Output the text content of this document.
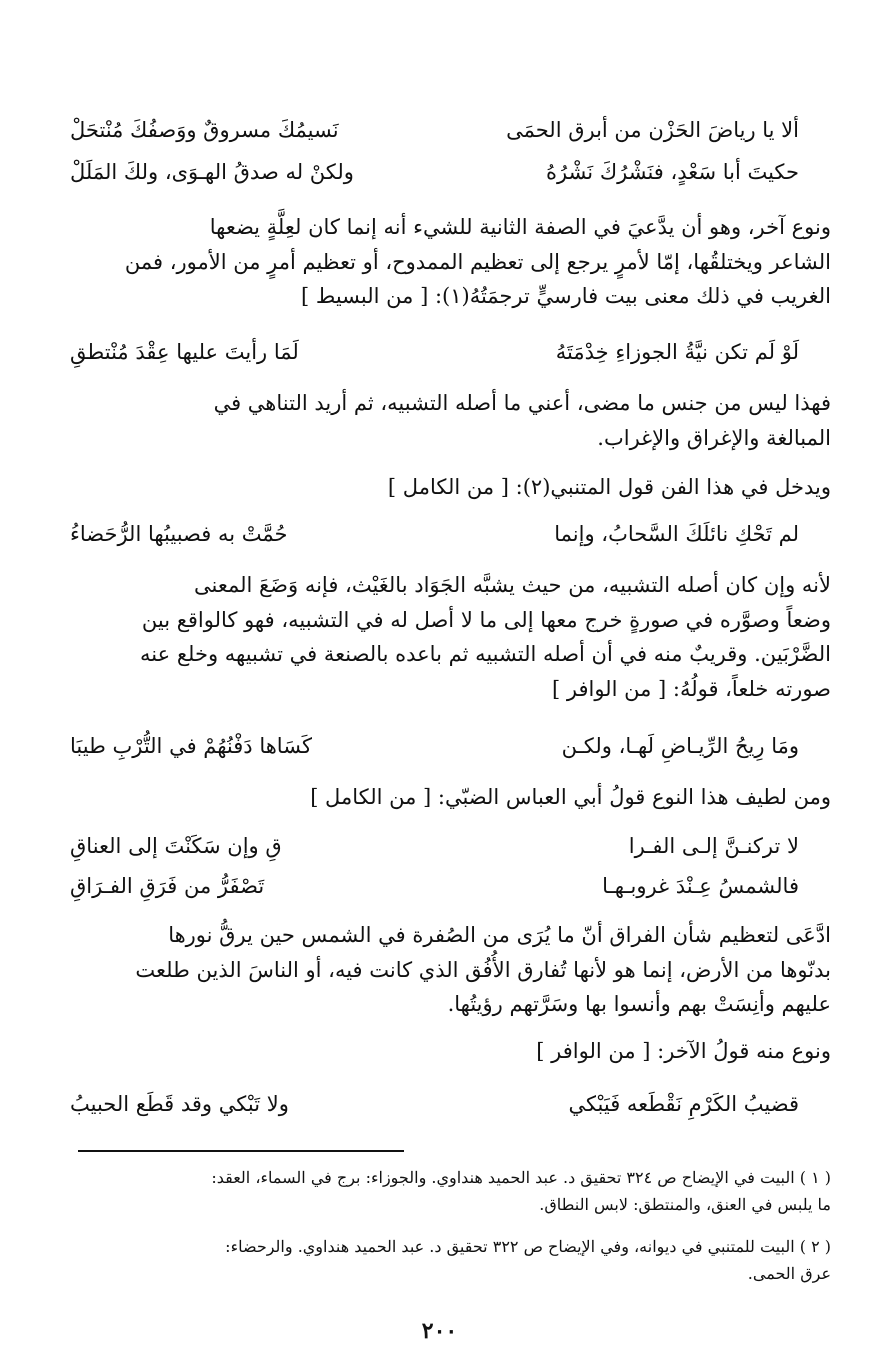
ألا يا رياضَ الحَزْن من أبرق الحمَى
نَسيمُكَ مسروقٌ ووَصفُكَ مُنْتحَلْ
حكيتَ أبا سَعْدٍ، فنَشْرُكَ نَشْرُهُ
ولكنْ له صدقُ الهـوَى، ولكَ المَلَلْ
ونوع آخر، وهو أن يدَّعيَ في الصفة الثانية للشيء أنه إنما كان لعِلَّةٍ يضعها
الشاعر ويختلقُها، إمّا لأمرٍ يرجع إلى تعظيم الممدوح، أو تعظيم أمرٍ من الأمور، فمن
الغريب في ذلك معنى بيت فارسيٍّ ترجمَتُهُ(١): [ من البسيط ]
لَوْ لَم تكن نيَّةُ الجوزاءِ خِدْمَتَهُ
لَمَا رأيتَ عليها عِقْدَ مُنْتطقِ
فهذا ليس من جنس ما مضى، أعني ما أصله التشبيه، ثم أريد التناهي في
المبالغة والإغراق والإغراب.
ويدخل في هذا الفن قول المتنبي(٢): [ من الكامل ]
لم تَحْكِ نائلَكَ السَّحابُ، وإنما
حُمَّتْ به فصبيبُها الرُّحَضاءُ
لأنه وإن كان أصله التشبيه، من حيث يشبَّه الجَوَاد بالغَيْث، فإنه وَضَعَ المعنى
وضعاً وصوَّره في صورةٍ خرج معها إلى ما لا أصل له في التشبيه، فهو كالواقع بين
الضَّرْبَين. وقريبٌ منه في أن أصله التشبيه ثم باعده بالصنعة في تشبيهه وخلع عنه
صورته خلعاً، قولُهُ: [ من الوافر ]
ومَا رِيحُ الرِّيـاضِ لَهـا، ولكـن
كَسَاها دَفْنُهُمْ في التُّرْبِ طيبَا
ومن لطيف هذا النوع قولُ أبي العباس الضبّي: [ من الكامل ]
لا تركنـنَّ إلـى الفـرا
قِ وإن سَكَنْتَ إلى العناقِ
فالشمسُ عِـنْدَ غروبـهـا
تَصْفَرُّ من فَرَقِ الفـرَاقِ
ادَّعَى لتعظيم شأن الفراق أنّ ما يُرَى من الصُفرة في الشمس حين يرقُّ نورها
بدنّوها من الأرض، إنما هو لأنها تُفارق الأُفُق الذي كانت فيه، أو الناسَ الذين طلعت
عليهم وأنِسَتْ بهم وأنسوا بها وسَرَّتهم رؤيتُها.
ونوع منه قولُ الآخر: [ من الوافر ]
قضيبُ الكَرْمِ نَقْطَعه فَيَبْكي
ولا تَبْكي وقد قَطَع الحبيبُ
( ١ ) البيت في الإيضاح ص ٣٢٤ تحقيق د. عبد الحميد هنداوي. والجوزاء: برج في السماء، العقد:
ما يلبس في العنق، والمنتطق: لابس النطاق.
( ٢ ) البيت للمتنبي في ديوانه، وفي الإيضاح ص ٣٢٢ تحقيق د. عبد الحميد هنداوي. والرحضاء:
عرق الحمى.
٢٠٠
